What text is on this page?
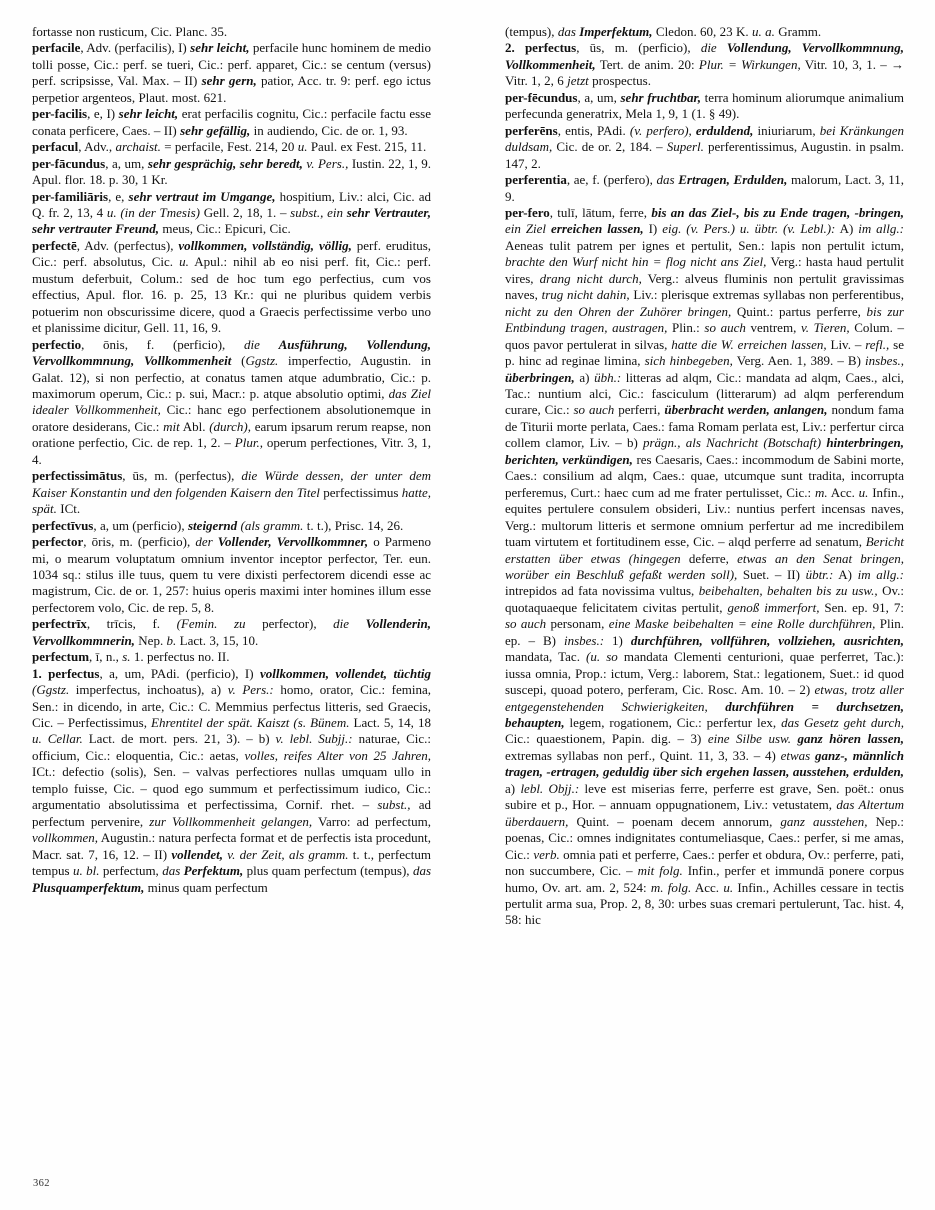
fortasse non rusticum, Cic. Planc. 35.

perfacile, Adv. (perfacilis), I) sehr leicht, perfacile hunc hominem de medio tolli posse, Cic.: perf. se tueri, Cic.: perf. apparet, Cic.: se centum (versus) perf. scripsisse, Val. Max. – II) sehr gern, patior, Acc. tr. 9: perf. ego ictus perpetior argenteos, Plaut. most. 621.

per-facilis, e, I) sehr leicht, erat perfacilis cognitu, Cic.: perfacile factu esse conata perficere, Caes. – II) sehr gefällig, in audiendo, Cic. de or. 1, 93.

perfacul, Adv., archaist. = perfacile, Fest. 214, 20 u. Paul. ex Fest. 215, 11.

per-fācundus, a, um, sehr gesprächig, sehr beredt, v. Pers., Iustin. 22, 1, 9. Apul. flor. 18. p. 30, 1 Kr.

per-familiāris, e, sehr vertraut im Umgange, hospitium, Liv.: alci, Cic. ad Q. fr. 2, 13, 4 u. (in der Tmesis) Gell. 2, 18, 1. – subst., ein sehr Vertrauter, sehr vertrauter Freund, meus, Cic.: Epicuri, Cic.

perfectē, Adv. (perfectus), vollkommen, vollständig, völlig, perf. eruditus, Cic.: perf. absolutus, Cic. u. Apul.: nihil ab eo nisi perf. fit, Cic.: perf. mustum deferbuit, Colum.: sed de hoc tum ego perfectius, cum vos effectius, Apul. flor. 16. p. 25, 13 Kr.: qui ne pluribus quidem verbis potuerim non obscurissime dicere, quod a Graecis perfectissime verbo uno et planissime dicitur, Gell. 11, 16, 9.

perfectio, ōnis, f. (perficio), die Ausführung, Vollendung, Vervollkommnung, Vollkommenheit (Ggstz. imperfectio, Augustin. in Galat. 12), si non perfectio, at conatus tamen atque adumbratio, Cic.: p. maximorum operum, Cic.: p. sui, Macr.: p. atque absolutio optimi, das Ziel idealer Vollkommenheit, Cic.: hanc ego perfectionem absolutionemque in oratore desiderans, Cic.: mit Abl. (durch), earum ipsarum rerum reapse, non oratione perfectio, Cic. de rep. 1, 2. – Plur., operum perfectiones, Vitr. 3, 1, 4.

perfectissimātus, ūs, m. (perfectus), die Würde dessen, der unter dem Kaiser Konstantin und den folgenden Kaisern den Titel perfectissimus hatte, spät. ICt.

perfectīvus, a, um (perficio), steigernd (als gramm. t. t.), Prisc. 14, 26.

perfector, ōris, m. (perficio), der Vollender, Vervollkommner, o Parmeno mi, o mearum voluptatum omnium inventor inceptor perfector, Ter. eun. 1034 sq.: stilus ille tuus, quem tu vere dixisti perfectorem dicendi esse ac magistrum, Cic. de or. 1, 257: huius operis maximi inter homines illum esse perfectorem volo, Cic. de rep. 5, 8.

perfectrīx, trīcis, f. (Femin. zu perfector), die Vollenderin, Vervollkommnerin, Nep. b. Lact. 3, 15, 10.

perfectum, ī, n., s. 1. perfectus no. II.

1. perfectus, a, um, PAdi. (perficio), I) vollkommen, vollendet, tüchtig (Ggstz. imperfectus, inchoatus), a) v. Pers.: homo, orator, Cic.: femina, Sen.: in dicendo, in arte, Cic.: C. Memmius perfectus litteris, sed Graecis, Cic. – Perfectissimus, Ehrentitel der spät. Kaiszt (s. Bünem. Lact. 5, 14, 18 u. Cellar. Lact. de mort. pers. 21, 3). – b) v. lebl. Subjj.: naturae, Cic.: officium, Cic.: eloquentia, Cic.: aetas, volles, reifes Alter von 25 Jahren, ICt.: defectio (solis), Sen. – valvas perfectiores nullas umquam ullo in templo fuisse, Cic. – quod ego summum et perfectissimum iudico, Cic.: argumentatio absolutissima et perfectissima, Cornif. rhet. – subst., ad perfectum pervenire, zur Vollkommenheit gelangen, Varro: ad perfectum, vollkommen, Augustin.: natura perfecta format et de perfectis ista procedunt, Macr. sat. 7, 16, 12. – II) vollendet, v. der Zeit, als gramm. t. t., perfectum tempus u. bl. perfectum, das Perfektum, plus quam perfectum (tempus), das Plusquamperfektum, minus quam perfectum

(tempus), das Imperfektum, Cledon. 60, 23 K. u. a. Gramm.

2. perfectus, ūs, m. (perficio), die Vollendung, Vervollkommnung, Vollkommenheit, Tert. de anim. 20: Plur. = Wirkungen, Vitr. 10, 3, 1. – → Vitr. 1, 2, 6 jetzt prospectus.

per-fēcundus, a, um, sehr fruchtbar, terra hominum aliorumque animalium perfecunda generatrix, Mela 1, 9, 1 (1. § 49).

perferēns, entis, PAdi. (v. perfero), erduldend, iniuriarum, bei Kränkungen duldsam, Cic. de or. 2, 184. – Superl. perferentissimus, Augustin. in psalm. 147, 2.

perferentia, ae, f. (perfero), das Ertragen, Erdulden, malorum, Lact. 3, 11, 9.

per-fero, tulī, lātum, ferre, bis an das Ziel-, bis zu Ende tragen, -bringen, ein Ziel erreichen lassen, I) eig. (v. Pers.) u. übtr. (v. Lebl.): A) im allg.: Aeneas tulit patrem per ignes et pertulit, Sen.: lapis non pertulit ictum, brachte den Wurf nicht hin = flog nicht ans Ziel, Verg.: hasta haud pertulit vires, drang nicht durch, Verg.: alveus fluminis non pertulit gravissimas naves, trug nicht dahin, Liv.: plerisque extremas syllabas non perferentibus, nicht zu den Ohren der Zuhörer bringen, Quint.: partus perferre, bis zur Entbindung tragen, austragen, Plin.: so auch ventrem, v. Tieren, Colum. – quos pavor pertulerat in silvas, hatte die W. erreichen lassen, Liv. – refl., se p. hinc ad reginae limina, sich hinbegeben, Verg. Aen. 1, 389. – B) insbes., überbringen, a) übh.: litteras ad alqm, Cic.: mandata ad alqm, Caes., alci, Tac.: nuntium alci, Cic.: fasciculum (litterarum) ad alqm perferendum curare, Cic.: so auch perferri, überbracht werden, anlangen, nondum fama de Titurii morte perlata, Caes.: fama Romam perlata est, Liv.: perfertur circa collem clamor, Liv. – b) prägn., als Nachricht (Botschaft) hinterbringen, berichten, verkündigen, res Caesaris, Caes.: incommodum de Sabini morte, Caes.: consilium ad alqm, Caes.: quae, utcumque sunt tradita, incorrupta perferemus, Curt.: haec cum ad me frater pertulisset, Cic.: m. Acc. u. Infin., equites pertulere consulem obsideri, Liv.: nuntius perfert incensas naves, Verg.: multorum litteris et sermone omnium perfertur ad me incredibilem tuam virtutem et fortitudinem esse, Cic. – alqd perferre ad senatum, Bericht erstatten über etwas (hingegen deferre, etwas an den Senat bringen, worüber ein Beschluß gefaßt werden soll), Suet. – II) übtr.: A) im allg.: intrepidos ad fata novissima vultus, beibehalten, behalten bis zu usw., Ov.: quotaquaeque felicitatem civitas pertulit, genoß immerfort, Sen. ep. 91, 7: so auch personam, eine Maske beibehalten = eine Rolle durchführen, Plin. ep. – B) insbes.: 1) durchführen, vollführen, vollziehen, ausrichten, mandata, Tac. (u. so mandata Clementi centurioni, quae perferret, Tac.): iussa omnia, Prop.: ictum, Verg.: laborem, Stat.: legationem, Suet.: id quod suscepi, quoad potero, perferam, Cic. Rosc. Am. 10. – 2) etwas, trotz aller entgegenstehenden Schwierigkeiten, durchführen = durchsetzen, behaupten, legem, rogationem, Cic.: perfertur lex, das Gesetz geht durch, Cic.: quaestionem, Papin. dig. – 3) eine Silbe usw. ganz hören lassen, extremas syllabas non perf., Quint. 11, 3, 33. – 4) etwas ganz-, männlich tragen, -ertragen, geduldig über sich ergehen lassen, ausstehen, erdulden, a) lebl. Objj.: leve est miserias ferre, perferre est grave, Sen. poët.: onus subire et p., Hor. – annuam oppugnationem, Liv.: vetustatem, das Altertum überdauern, Quint. – poenam decem annorum, ganz ausstehen, Nep.: poenas, Cic.: omnes indignitates contumeliasque, Caes.: perfer, si me amas, Cic.: verb. omnia pati et perferre, Caes.: perfer et obdura, Ov.: perferre, pati, non succumbere, Cic. – mit folg. Infin., perfer et immundā ponere corpus humo, Ov. art. am. 2, 524: m. folg. Acc. u. Infin., Achilles cessare in tectis pertulit arma sua, Prop. 2, 8, 30: urbes suas cremari pertulerunt, Tac. hist. 4, 58: hic

362
